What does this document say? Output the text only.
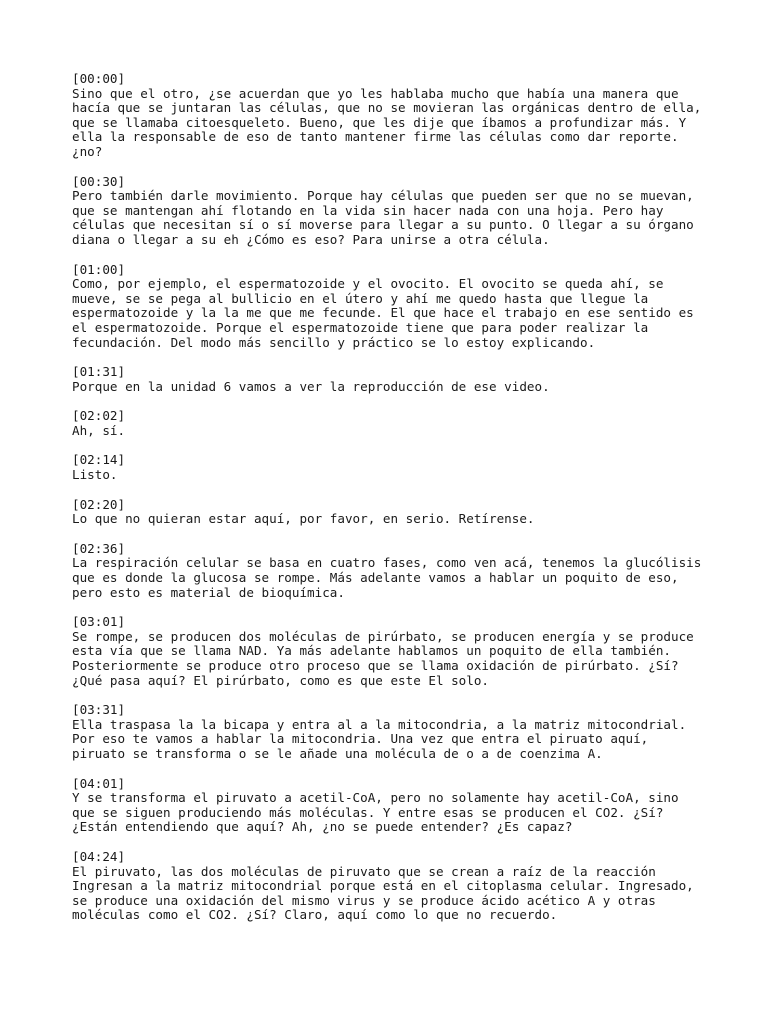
[00:00]
Sino que el otro, ¿se acuerdan que yo les hablaba mucho que había una manera que
hacía que se juntaran las células, que no se movieran las orgánicas dentro de ella,
que se llamaba citoesqueleto. Bueno, que les dije que íbamos a profundizar más. Y
ella la responsable de eso de tanto mantener firme las células como dar reporte.
¿no?
[00:30]
Pero también darle movimiento. Porque hay células que pueden ser que no se muevan,
que se mantengan ahí flotando en la vida sin hacer nada con una hoja. Pero hay
células que necesitan sí o sí moverse para llegar a su punto. O llegar a su órgano
diana o llegar a su eh ¿Cómo es eso? Para unirse a otra célula.
[01:00]
Como, por ejemplo, el espermatozoide y el ovocito. El ovocito se queda ahí, se
mueve, se se pega al bullicio en el útero y ahí me quedo hasta que llegue la
espermatozoide y la la me que me fecunde. El que hace el trabajo en ese sentido es
el espermatozoide. Porque el espermatozoide tiene que para poder realizar la
fecundación. Del modo más sencillo y práctico se lo estoy explicando.
[01:31]
Porque en la unidad 6 vamos a ver la reproducción de ese video.
[02:02]
Ah, sí.
[02:14]
Listo.
[02:20]
Lo que no quieran estar aquí, por favor, en serio. Retírense.
[02:36]
La respiración celular se basa en cuatro fases, como ven acá, tenemos la glucólisis
que es donde la glucosa se rompe. Más adelante vamos a hablar un poquito de eso,
pero esto es material de bioquímica.
[03:01]
Se rompe, se producen dos moléculas de pirúrbato, se producen energía y se produce
esta vía que se llama NAD. Ya más adelante hablamos un poquito de ella también.
Posteriormente se produce otro proceso que se llama oxidación de pirúrbato. ¿Sí?
¿Qué pasa aquí? El pirúrbato, como es que este El solo.
[03:31]
Ella traspasa la la bicapa y entra al a la mitocondria, a la matriz mitocondrial.
Por eso te vamos a hablar la mitocondria. Una vez que entra el piruato aquí,
piruato se transforma o se le añade una molécula de o a de coenzima A.
[04:01]
Y se transforma el piruvato a acetil-CoA, pero no solamente hay acetil-CoA, sino
que se siguen produciendo más moléculas. Y entre esas se producen el CO2. ¿Sí?
¿Están entendiendo que aquí? Ah, ¿no se puede entender? ¿Es capaz?
[04:24]
El piruvato, las dos moléculas de piruvato que se crean a raíz de la reacción
Ingresan a la matriz mitocondrial porque está en el citoplasma celular. Ingresado,
se produce una oxidación del mismo virus y se produce ácido acético A y otras
moléculas como el CO2. ¿Sí? Claro, aquí como lo que no recuerdo.
